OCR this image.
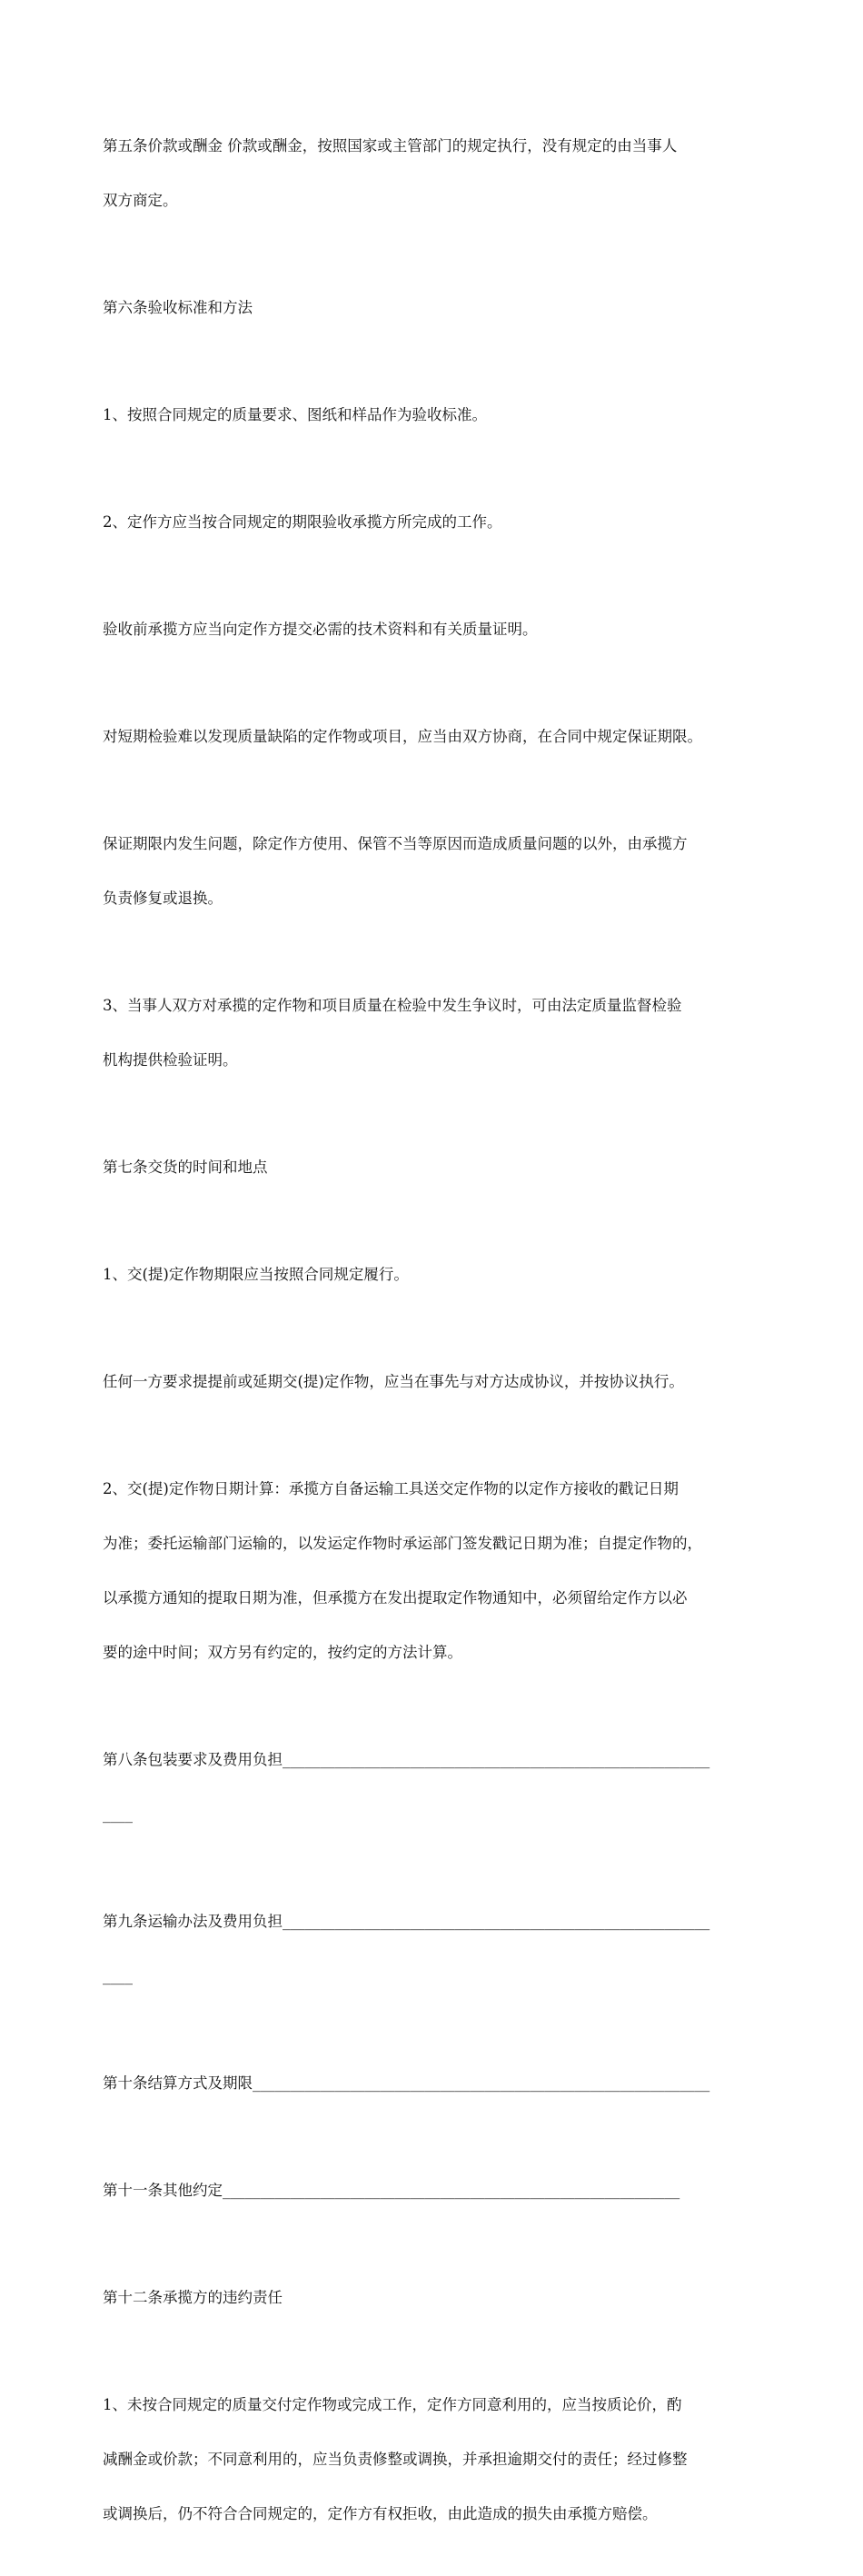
第五条价款或酬金 价款或酬金，按照国家或主管部门的规定执行，没有规定的由当事人

双方商定。

第六条验收标准和方法

1、按照合同规定的质量要求、图纸和样品作为验收标准。

2、定作方应当按合同规定的期限验收承揽方所完成的工作。

验收前承揽方应当向定作方提交必需的技术资料和有关质量证明。

对短期检验难以发现质量缺陷的定作物或项目，应当由双方协商，在合同中规定保证期限。

保证期限内发生问题，除定作方使用、保管不当等原因而造成质量问题的以外，由承揽方

负责修复或退换。

3、当事人双方对承揽的定作物和项目质量在检验中发生争议时，可由法定质量监督检验

机构提供检验证明。

第七条交货的时间和地点

1、交(提)定作物期限应当按照合同规定履行。

任何一方要求提提前或延期交(提)定作物，应当在事先与对方达成协议，并按协议执行。

2、交(提)定作物日期计算：承揽方自备运输工具送交定作物的以定作方接收的戳记日期

为准；委托运输部门运输的，以发运定作物时承运部门签发戳记日期为准；自提定作物的，

以承揽方通知的提取日期为准，但承揽方在发出提取定作物通知中，必须留给定作方以必

要的途中时间；双方另有约定的，按约定的方法计算。

第八条包装要求及费用负担_________________________________________________________

____

第九条运输办法及费用负担_________________________________________________________

____

第十条结算方式及期限_____________________________________________________________

第十一条其他约定_____________________________________________________________

第十二条承揽方的违约责任

1、未按合同规定的质量交付定作物或完成工作，定作方同意利用的，应当按质论价，酌

减酬金或价款；不同意利用的，应当负责修整或调换，并承担逾期交付的责任；经过修整

或调换后，仍不符合合同规定的，定作方有权拒收，由此造成的损失由承揽方赔偿。
